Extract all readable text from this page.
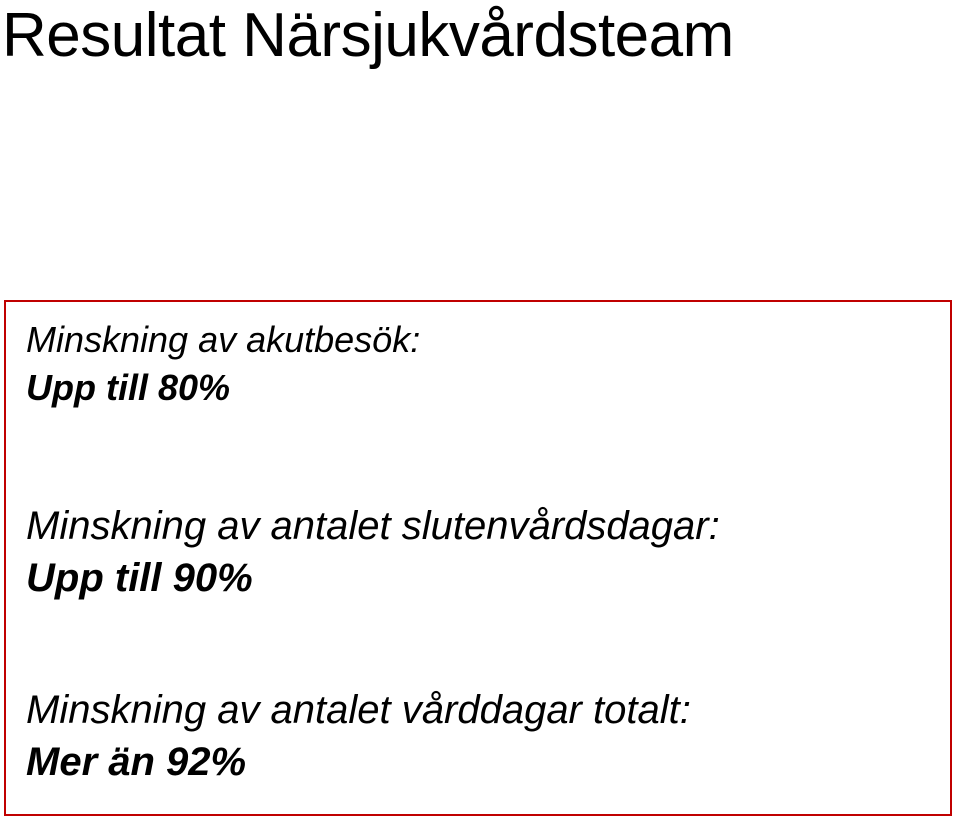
Resultat Närsjukvårdsteam
Minskning av akutbesök:
Upp till 80%
Minskning av antalet slutenvårdsdagar:
Upp till 90%
Minskning av antalet vårddagar totalt:
Mer än 92%
